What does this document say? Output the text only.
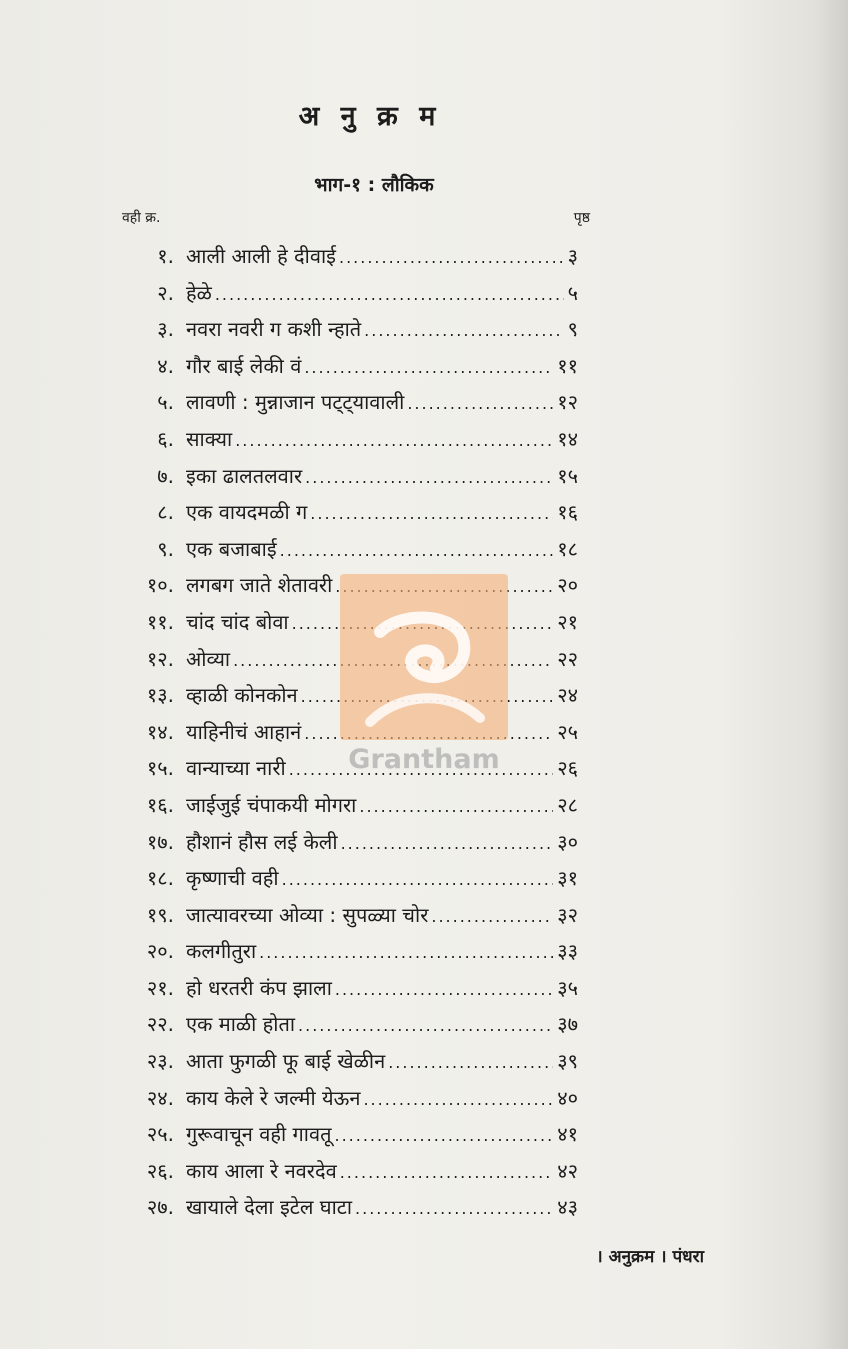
अ नु क्र म
भाग-१ : लौकिक
वही क्र.	पृष्ठ
१. आली आली हे दीवाई .....	३
२. हेळे .....	५
३. नवरा नवरी ग कशी न्हाते .....	९
४. गौर बाई लेकी वं .....	११
५. लावणी : मुन्नाजान पट्ट्यावाली .....	१२
६. साक्या .....	१४
७. इका ढालतलवार .....	१५
८. एक वायदमळी ग .....	१६
९. एक बजाबाई .....	१८
१०. लगबग जाते शेतावरी .....	२०
११. चांद चांद बोवा .....	२१
१२. ओव्या .....	२२
१३. व्हाळी कोनकोन .....	२४
१४. याहिनीचं आहानं .....	२५
१५. वान्याच्या नारी .....	२६
१६. जाईजुई चंपाकयी मोगरा .....	२८
१७. हौशानं हौस लई केली .....	३०
१८. कृष्णाची वही .....	३१
१९. जात्यावरच्या ओव्या : सुपळ्या चोर .....	३२
२०. कलगीतुरा .....	३३
२१. हो धरतरी कंप झाला .....	३५
२२. एक माळी होता .....	३७
२३. आता फुगळी फू बाई खेळीन .....	३९
२४. काय केले रे जल्मी येऊन .....	४०
२५. गुरूवाचून वही गावतू .....	४१
२६. काय आला रे नवरदेव .....	४२
२७. खायाले देला इटेल घाटा .....	४३
। अनुक्रम । पंधरा
Grantham
